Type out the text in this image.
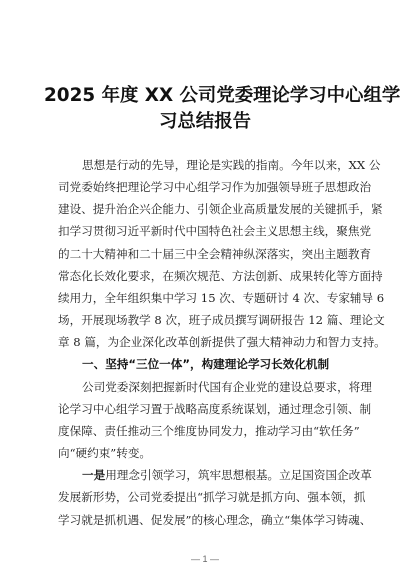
2025 年度 XX 公司党委理论学习中心组学
习总结报告

思想是行动的先导，理论是实践的指南。今年以来，XX 公
司党委始终把理论学习中心组学习作为加强领导班子思想政治
建设、提升治企兴企能力、引领企业高质量发展的关键抓手，紧
扣学习贯彻习近平新时代中国特色社会主义思想主线，聚焦党
的二十大精神和二十届三中全会精神纵深落实，突出主题教育
常态化长效化要求，在频次规范、方法创新、成果转化等方面持
续用力，全年组织集中学习 15 次、专题研讨 4 次、专家辅导 6
场，开展现场教学 8 次，班子成员撰写调研报告 12 篇、理论文
章 8 篇，为企业深化改革创新提供了强大精神动力和智力支持。

一、坚持“三位一体”，构建理论学习长效化机制

公司党委深刻把握新时代国有企业党的建设总要求，将理
论学习中心组学习置于战略高度系统谋划，通过理念引领、制
度保障、责任推动三个维度协同发力，推动学习由“软任务”
向“硬约束”转变。

一是用理念引领学习，筑牢思想根基。立足国资国企改革
发展新形势，公司党委提出“抓学习就是抓方向、强本领，抓
学习就是抓机遇、促发展”的核心理念，确立“集体学习铸魂、

— 1 —
